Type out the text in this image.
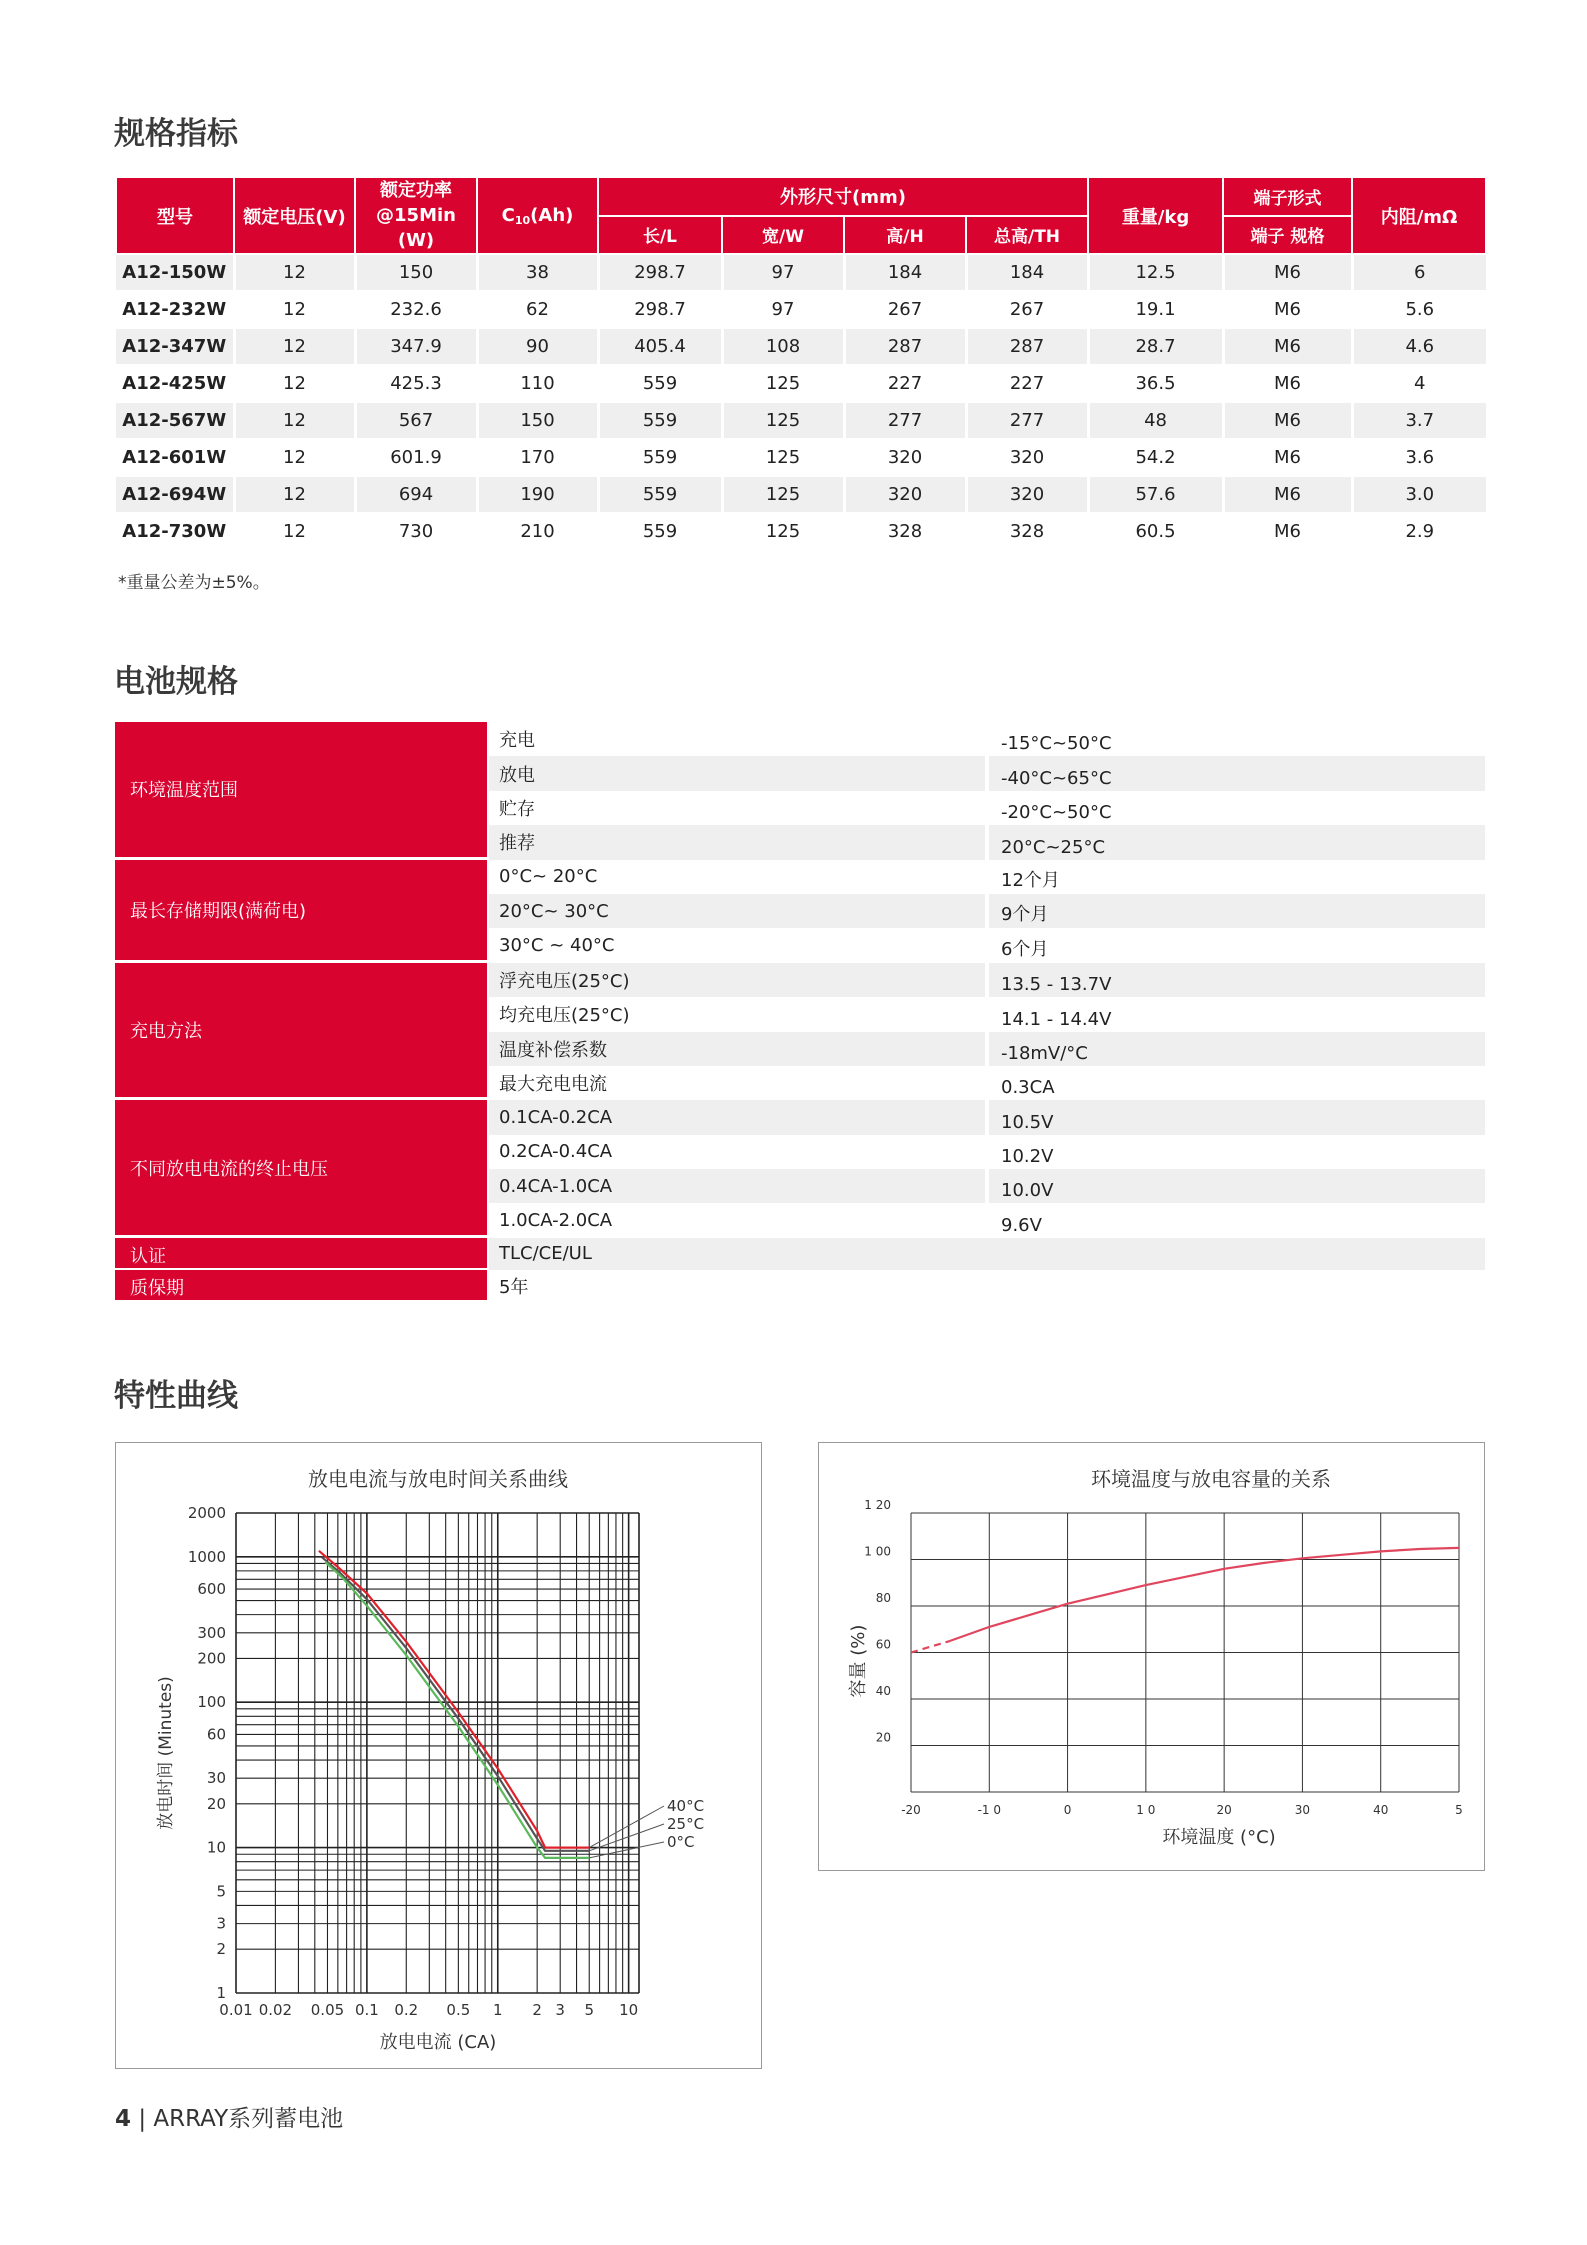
规格指标
型号	额定电压(V)	额定功率
@15Min
(W)	$C_{10}(Ah)$	外形尺寸(mm)				重量/kg	端子形式	内阻/mΩ
				长/L	宽/W	高/H	总高/TH		端子 规格	
A12-150W	12	150	38	298.7	97	184	184	12.5	M6	6
A12-232W	12	232.6	62	298.7	97	267	267	19.1	M6	5.6
A12-347W	12	347.9	90	405.4	108	287	287	28.7	M6	4.6
A12-425W	12	425.3	110	559	125	227	227	36.5	M6	4
A12-567W	12	567	150	559	125	277	277	48	M6	3.7
A12-601W	12	601.9	170	559	125	320	320	54.2	M6	3.6
A12-694W	12	694	190	559	125	320	320	57.6	M6	3.0
A12-730W	12	730	210	559	125	328	328	60.5	M6	2.9
*重量公差为±5%。
电池规格
环境温度范围
充电	-15°C~50°C
放电	-40°C~65°C
贮存	-20°C~50°C
推荐	20°C~25°C
最长存储期限(满荷电)
0°C~ 20°C	12个月
20°C~ 30°C	9个月
30°C ~ 40°C	6个月
充电方法
浮充电压(25°C)	13.5 - 13.7V
均充电压(25°C)	14.1 - 14.4V
温度补偿系数	-18mV/°C
最大充电电流	0.3CA
不同放电电流的终止电压
0.1CA-0.2CA	10.5V
0.2CA-0.4CA	10.2V
0.4CA-1.0CA	10.0V
1.0CA-2.0CA	9.6V
认证	TLC/CE/UL
质保期	5年
特性曲线
放电电流与放电时间关系曲线
0.01 0.02 0.05 0.1 0.2 0.5 1 2 3 5 10
1
2
3
5
10
20
30
60
100
200
300
600
1000
2000
放电电流 (CA)
放电时间 (Minutes)	40°C
25°C
0°C
环境温度与放电容量的关系
-20	-1 0	0	1 0	20	30	40	5
20
40
60
80
1 00
1 20
环境温度 (°C)
容量 (%)
4 | ARRAY系列蓄电池
